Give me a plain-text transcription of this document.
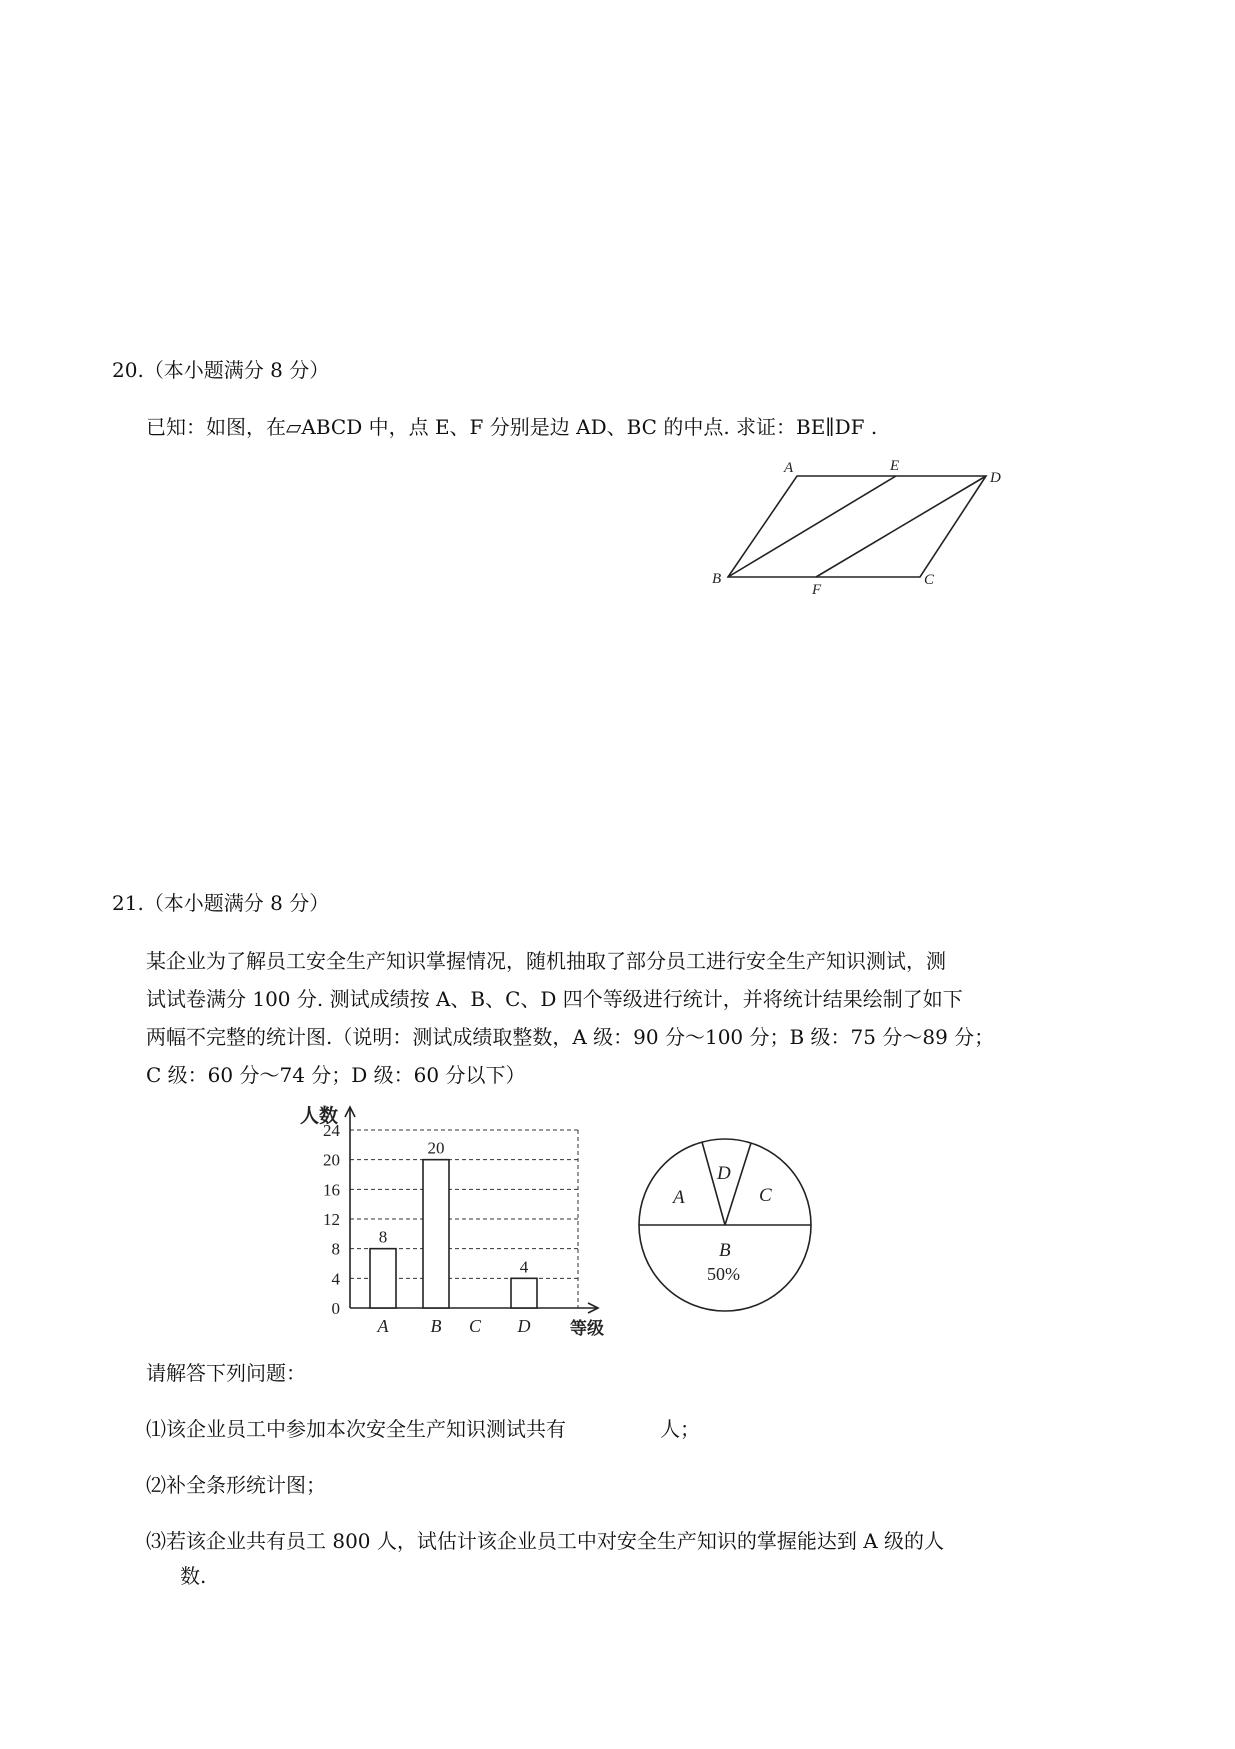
20.（本小题满分 8 分）
已知：如图，在▱ABCD 中，点 E、F 分别是边 AD、BC 的中点. 求证：BE∥DF .
A	E
D
B
F
C
21.（本小题满分 8 分）
某企业为了解员工安全生产知识掌握情况，随机抽取了部分员工进行安全生产知识测试，测
试试卷满分 100 分. 测试成绩按 A、B、C、D 四个等级进行统计，并将统计结果绘制了如下
两幅不完整的统计图.（说明：测试成绩取整数，A 级：90 分～100 分；B 级：75 分～89 分；
C 级：60 分～74 分；D 级：60 分以下）
0
4
8
12
16
20
24
人数
等级
A
8
B
20
C D
4
A
D
C
B
50%
请解答下列问题：
⑴该企业员工中参加本次安全生产知识测试共有	人；
⑵补全条形统计图；
⑶若该企业共有员工 800 人，试估计该企业员工中对安全生产知识的掌握能达到 A 级的人
数.
